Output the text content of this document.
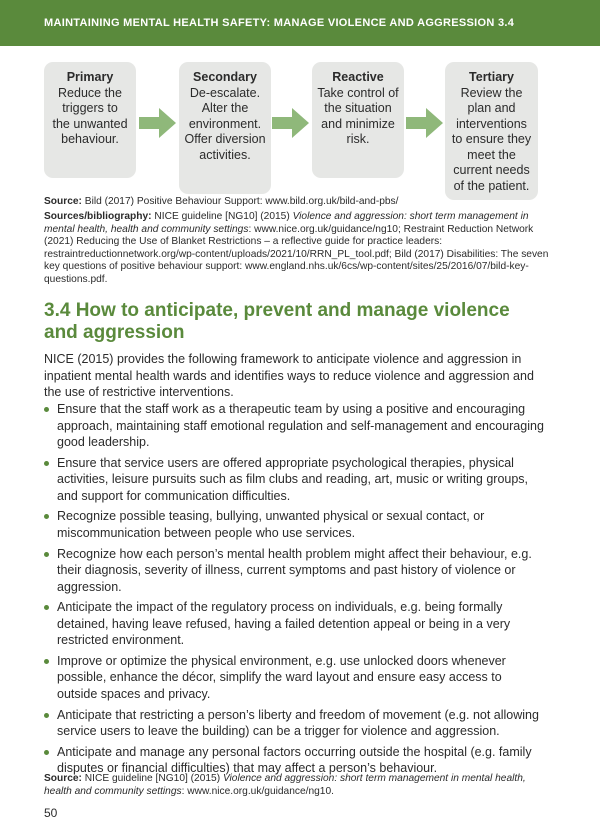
MAINTAINING MENTAL HEALTH SAFETY: MANAGE VIOLENCE AND AGGRESSION 3.4
Primary
Reduce the
triggers to
the unwanted
behaviour.
Secondary
De-escalate.
Alter the
environment.
Offer diversion
activities.
Reactive
Take control of
the situation
and minimize
risk.
Tertiary
Review the
plan and
interventions
to ensure they
meet the
current needs
of the patient.
Source: Bild (2017) Positive Behaviour Support: www.bild.org.uk/bild-and-pbs/
Sources/bibliography: NICE guideline [NG10] (2015) Violence and aggression: short term management in mental health, health and community settings: www.nice.org.uk/guidance/ng10; Restraint Reduction Network (2021) Reducing the Use of Blanket Restrictions – a reflective guide for practice leaders: restraintreductionnetwork.org/wp-content/uploads/2021/10/RRN_PL_tool.pdf; Bild (2017) Disabilities: The seven key questions of positive behaviour support: www.england.nhs.uk/6cs/wp-content/sites/25/2016/07/bild-key-questions.pdf.
3.4 How to anticipate, prevent and manage violence and aggression
NICE (2015) provides the following framework to anticipate violence and aggression in inpatient mental health wards and identifies ways to reduce violence and aggression and the use of restrictive interventions.
Ensure that the staff work as a therapeutic team by using a positive and encouraging approach, maintaining staff emotional regulation and self-management and encouraging good leadership.
Ensure that service users are offered appropriate psychological therapies, physical activities, leisure pursuits such as film clubs and reading, art, music or writing groups, and support for communication difficulties.
Recognize possible teasing, bullying, unwanted physical or sexual contact, or miscommunication between people who use services.
Recognize how each person’s mental health problem might affect their behaviour, e.g. their diagnosis, severity of illness, current symptoms and past history of violence or aggression.
Anticipate the impact of the regulatory process on individuals, e.g. being formally detained, having leave refused, having a failed detention appeal or being in a very restricted environment.
Improve or optimize the physical environment, e.g. use unlocked doors whenever possible, enhance the décor, simplify the ward layout and ensure easy access to outside spaces and privacy.
Anticipate that restricting a person’s liberty and freedom of movement (e.g. not allowing service users to leave the building) can be a trigger for violence and aggression.
Anticipate and manage any personal factors occurring outside the hospital (e.g. family disputes or financial difficulties) that may affect a person’s behaviour.
Source: NICE guideline [NG10] (2015) Violence and aggression: short term management in mental health, health and community settings: www.nice.org.uk/guidance/ng10.
50
